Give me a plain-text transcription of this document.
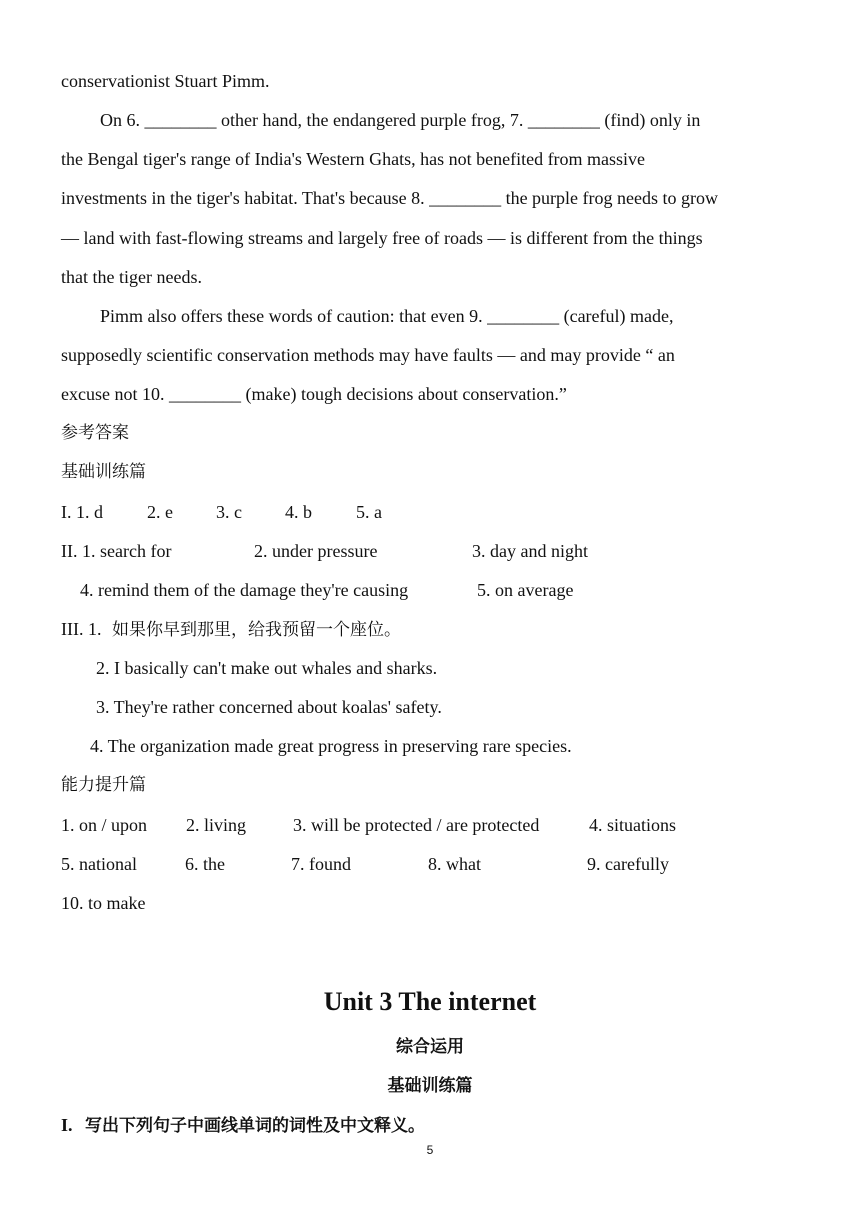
conservationist Stuart Pimm.
On 6. ________ other hand, the endangered purple frog, 7. ________ (find) only in
the Bengal tiger's range of India's Western Ghats, has not benefited from massive
investments in the tiger's habitat. That's because 8. ________ the purple frog needs to grow
— land with fast-flowing streams and largely free of roads — is different from the things
that the tiger needs.
Pimm also offers these words of caution: that even 9. ________ (careful) made,
supposedly scientific conservation methods may have faults — and may provide “ an
excuse not 10. ________ (make) tough decisions about conservation.”
参考答案
基础训练篇
I. 1. d 2. e 3. c 4. b 5. a
II. 1. search for	2. under pressure	3. day and night
4. remind them of the damage they're causing	5. on average
III. 1. 如果你早到那里，给我预留一个座位。
2. I basically can't make out whales and sharks.
3. They're rather concerned about koalas' safety.
4. The organization made great progress in preserving rare species.
能力提升篇
1. on / upon 2. living	3. will be protected / are protected	4. situations
5. national	6. the	7. found	8. what	9. carefully
10. to make
Unit 3 The internet
综合运用
基础训练篇
I. 写出下列句子中画线单词的词性及中文释义。
5
